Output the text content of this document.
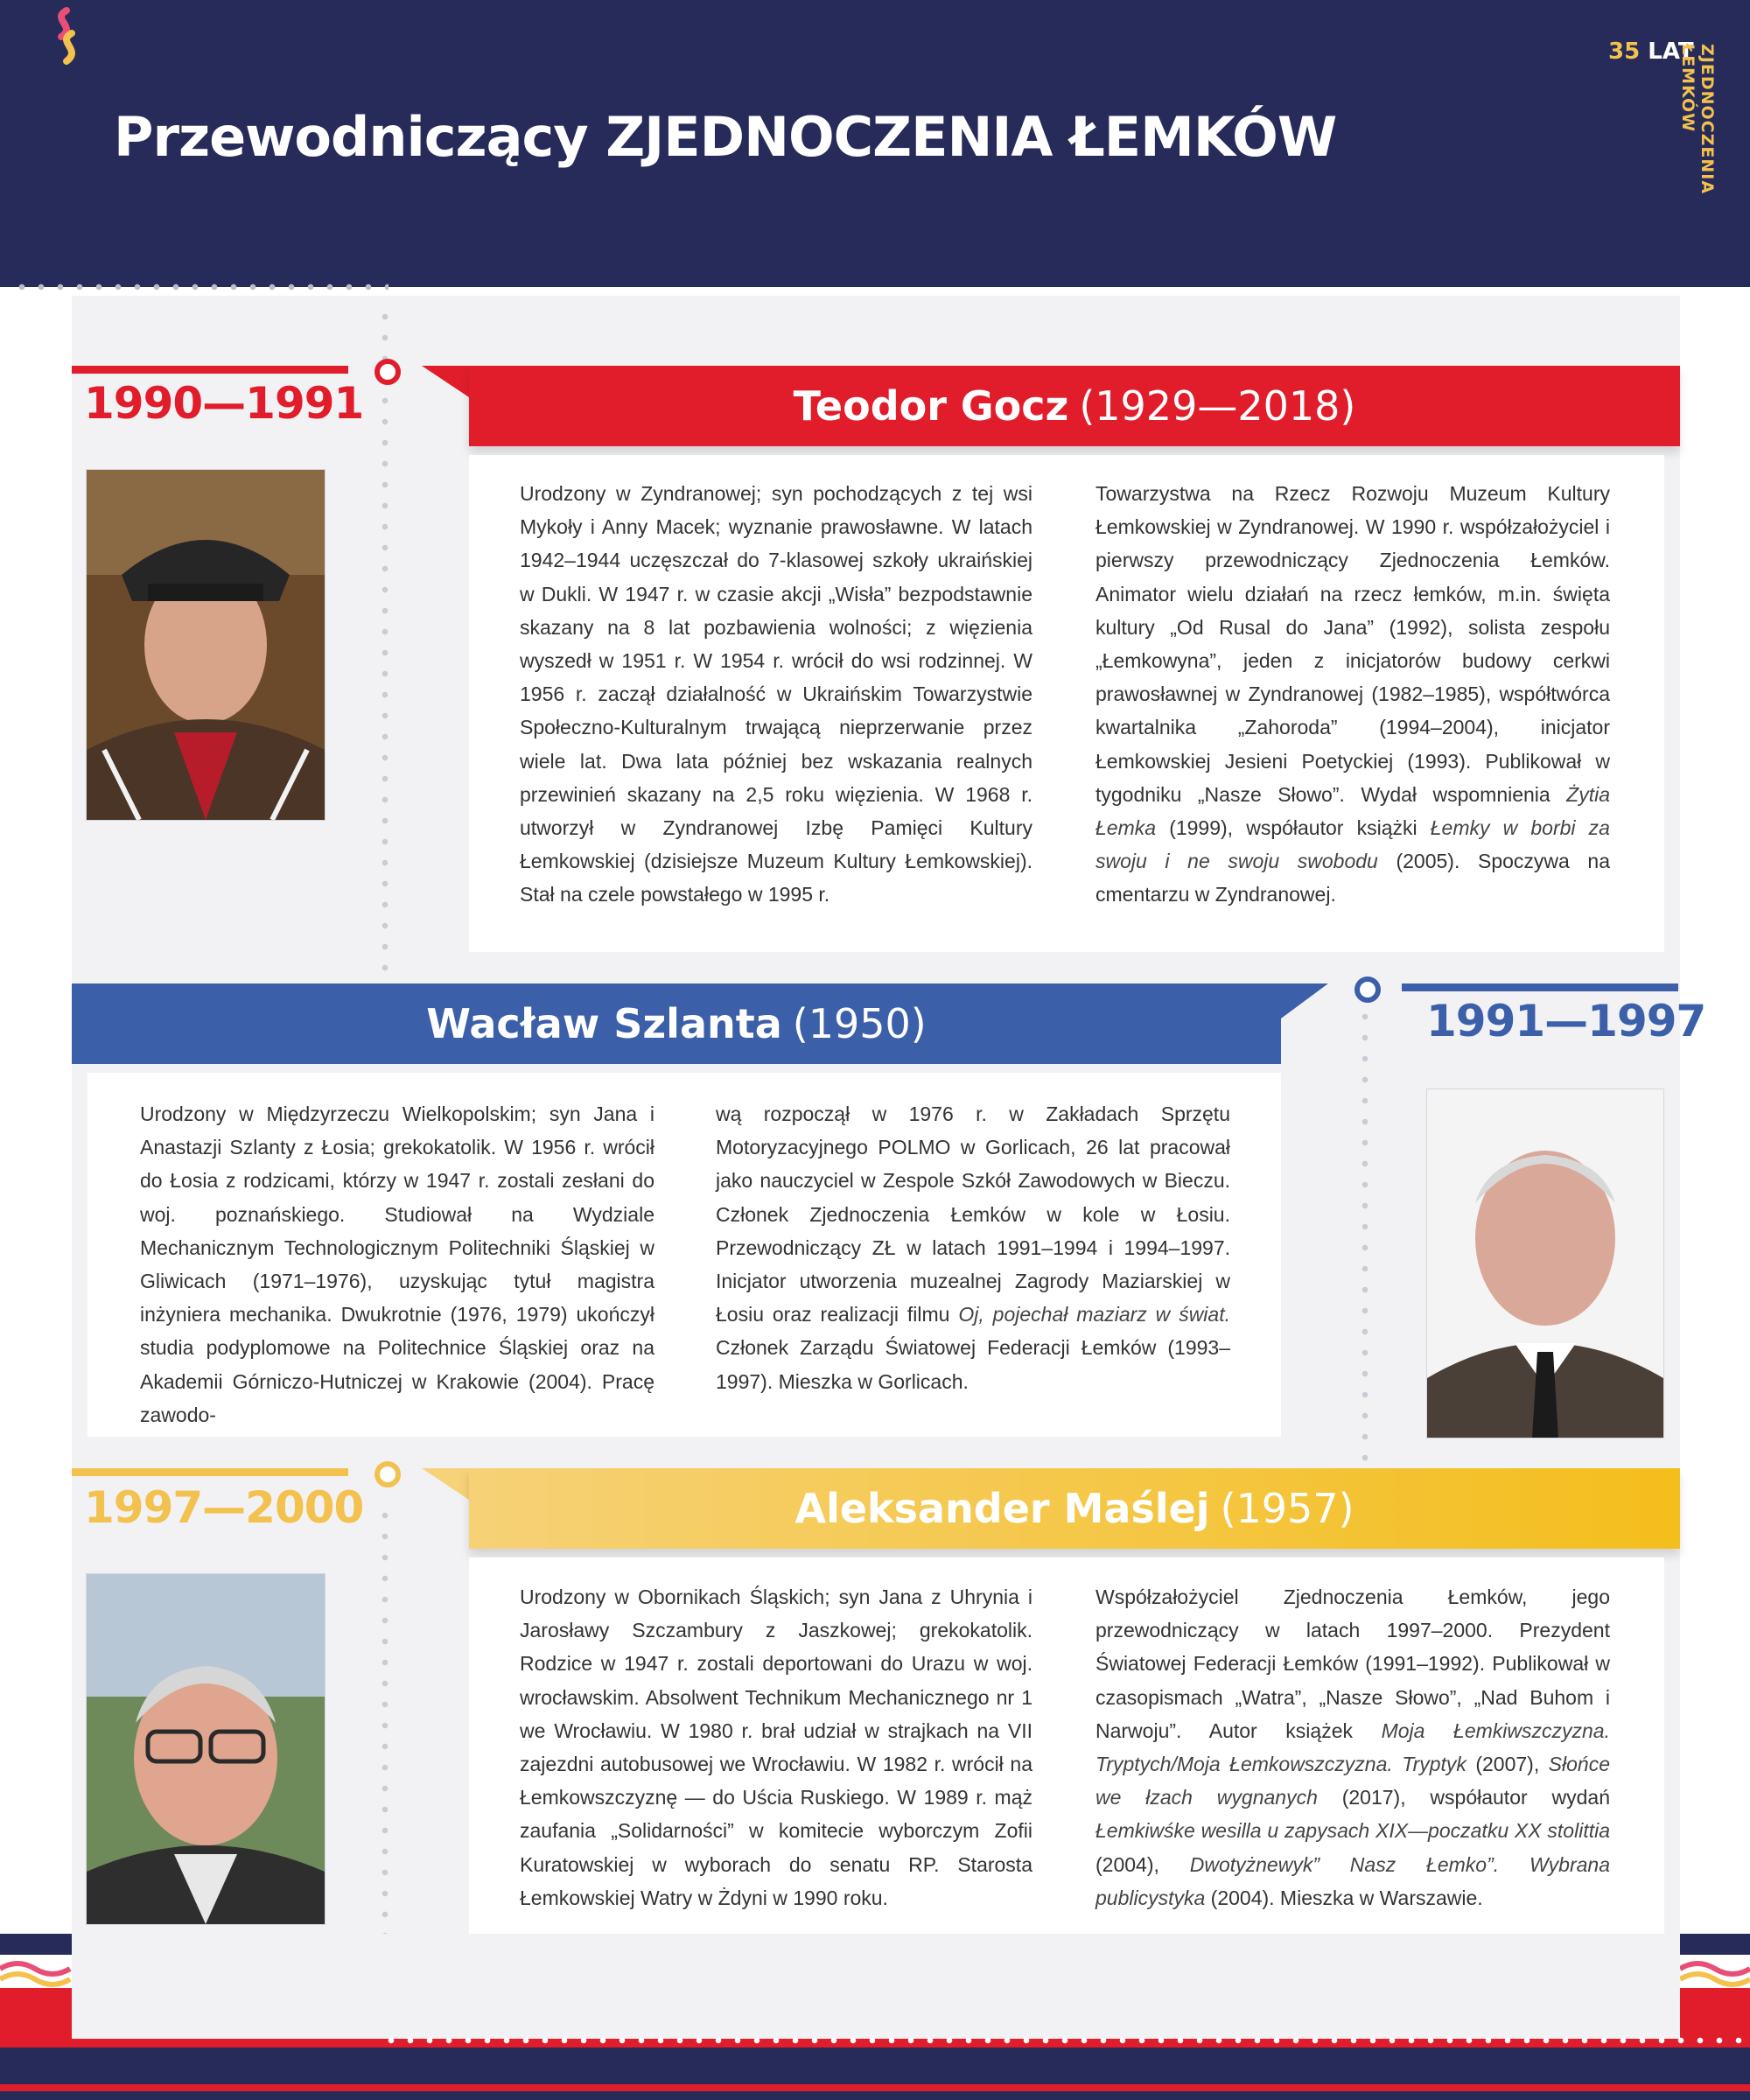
Przewodniczący ZJEDNOCZENIA ŁEMKÓW
35 LAT ZJEDNOCZENIA ŁEMKÓW
1990—1991	Teodor Gocz (1929—2018)
Urodzony w Zyndranowej; syn pochodzących z tej wsi Mykoły i Anny Macek; wyznanie prawosławne. W latach 1942–1944 uczęszczał do 7-klasowej szkoły ukraińskiej w Dukli. W 1947 r. w czasie akcji „Wisła” bezpodstawnie skazany na 8 lat pozbawienia wolności; z więzienia wyszedł w 1951 r. W 1954 r. wrócił do wsi rodzinnej. W 1956 r. zaczął działalność w Ukraińskim Towarzystwie Społeczno-Kulturalnym trwającą nieprzerwanie przez wiele lat. Dwa lata później bez wskazania realnych przewinień skazany na 2,5 roku więzienia. W 1968 r. utworzył w Zyndranowej Izbę Pamięci Kultury Łemkowskiej (dzisiejsze Muzeum Kultury Łemkowskiej). Stał na czele powstałego w 1995 r.
Towarzystwa na Rzecz Rozwoju Muzeum Kultury Łemkowskiej w Zyndranowej. W 1990 r. współzałożyciel i pierwszy przewodniczący Zjednoczenia Łemków. Animator wielu działań na rzecz łemków, m.in. święta kultury „Od Rusal do Jana” (1992), solista zespołu „Łemkowyna”, jeden z inicjatorów budowy cerkwi prawosławnej w Zyndranowej (1982–1985), współtwórca kwartalnika „Zahoroda” (1994–2004), inicjator Łemkowskiej Jesieni Poetyckiej (1993). Publikował w tygodniku „Nasze Słowo”. Wydał wspomnienia Żytia Łemka (1999), współautor książki Łemky w borbi za swoju i ne swoju swobodu (2005). Spoczywa na cmentarzu w Zyndranowej.
Wacław Szlanta (1950)	1991—1997
Urodzony w Międzyrzeczu Wielkopolskim; syn Jana i Anastazji Szlanty z Łosia; grekokatolik. W 1956 r. wrócił do Łosia z rodzicami, którzy w 1947 r. zostali zesłani do woj. poznańskiego. Studiował na Wydziale Mechanicznym Technologicznym Politechniki Śląskiej w Gliwicach (1971–1976), uzyskując tytuł magistra inżyniera mechanika. Dwukrotnie (1976, 1979) ukończył studia podyplomowe na Politechnice Śląskiej oraz na Akademii Górniczo-Hutniczej w Krakowie (2004). Pracę zawodo-
wą rozpoczął w 1976 r. w Zakładach Sprzętu Motoryzacyjnego POLMO w Gorlicach, 26 lat pracował jako nauczyciel w Zespole Szkół Zawodowych w Bieczu. Członek Zjednoczenia Łemków w kole w Łosiu. Przewodniczący ZŁ w latach 1991–1994 i 1994–1997. Inicjator utworzenia muzealnej Zagrody Maziarskiej w Łosiu oraz realizacji filmu Oj, pojechał maziarz w świat. Członek Zarządu Światowej Federacji Łemków (1993–1997). Mieszka w Gorlicach.
1997—2000	Aleksander Maślej (1957)
Urodzony w Obornikach Śląskich; syn Jana z Uhrynia i Jarosławy Szczambury z Jaszkowej; grekokatolik. Rodzice w 1947 r. zostali deportowani do Urazu w woj. wrocławskim. Absolwent Technikum Mechanicznego nr 1 we Wrocławiu. W 1980 r. brał udział w strajkach na VII zajezdni autobusowej we Wrocławiu. W 1982 r. wrócił na Łemkowszczyznę — do Uścia Ruskiego. W 1989 r. mąż zaufania „Solidarności” w komitecie wyborczym Zofii Kuratowskiej w wyborach do senatu RP. Starosta Łemkowskiej Watry w Żdyni w 1990 roku.
Współzałożyciel Zjednoczenia Łemków, jego przewodniczący w latach 1997–2000. Prezydent Światowej Federacji Łemków (1991–1992). Publikował w czasopismach „Watra”, „Nasze Słowo”, „Nad Buhom i Narwoju”. Autor książek Moja Łemkiwszczyzna. Tryptych/Moja Łemkowszczyzna. Tryptyk (2007), Słońce we łzach wygnanych (2017), współautor wydań Łemkiwśke wesilla u zapysach XIX—poczatku XX stolittia (2004), Dwotyżnewyk” Nasz Łemko”. Wybrana publicystyka (2004). Mieszka w Warszawie.
